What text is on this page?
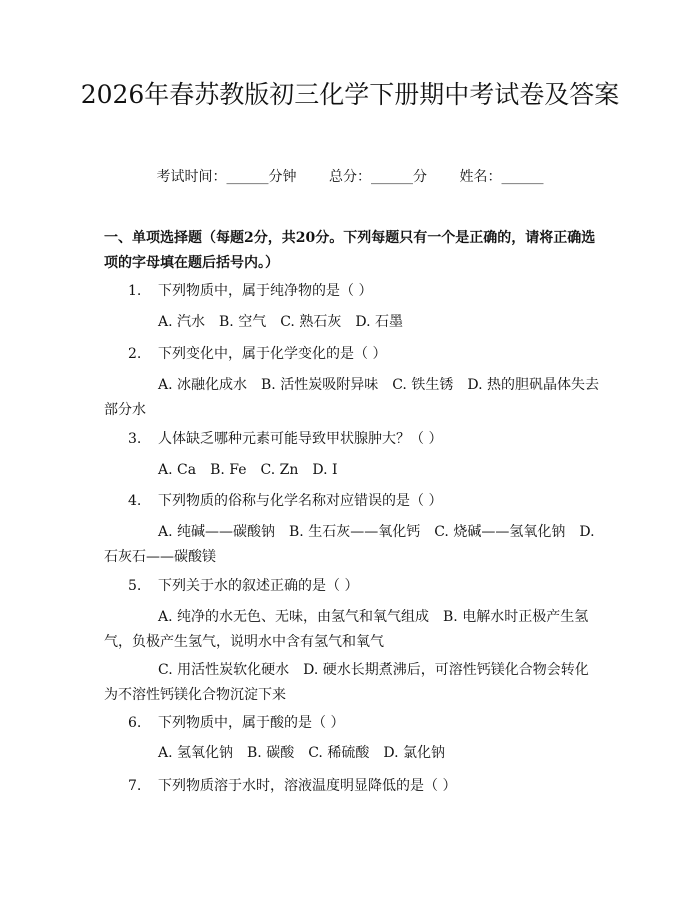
2026年春苏教版初三化学下册期中考试卷及答案
考试时间：______分钟 总分：______分 姓名：______
一、单项选择题（每题2分，共20分。下列每题只有一个是正确的，请将正确选项的字母填在题后括号内。）
1. 下列物质中，属于纯净物的是（ ）
A. 汽水 B. 空气 C. 熟石灰 D. 石墨
2. 下列变化中，属于化学变化的是（ ）
A. 冰融化成水 B. 活性炭吸附异味 C. 铁生锈 D. 热的胆矾晶体失去部分水
3. 人体缺乏哪种元素可能导致甲状腺肿大？（ ）
A. Ca B. Fe C. Zn D. I
4. 下列物质的俗称与化学名称对应错误的是（ ）
A. 纯碱——碳酸钠 B. 生石灰——氧化钙 C. 烧碱——氢氧化钠 D. 石灰石——碳酸镁
5. 下列关于水的叙述正确的是（ ）
A. 纯净的水无色、无味，由氢气和氧气组成 B. 电解水时正极产生氢气，负极产生氢气，说明水中含有氢气和氧气
C. 用活性炭软化硬水 D. 硬水长期煮沸后，可溶性钙镁化合物会转化为不溶性钙镁化合物沉淀下来
6. 下列物质中，属于酸的是（ ）
A. 氢氧化钠 B. 碳酸 C. 稀硫酸 D. 氯化钠
7. 下列物质溶于水时，溶液温度明显降低的是（ ）
